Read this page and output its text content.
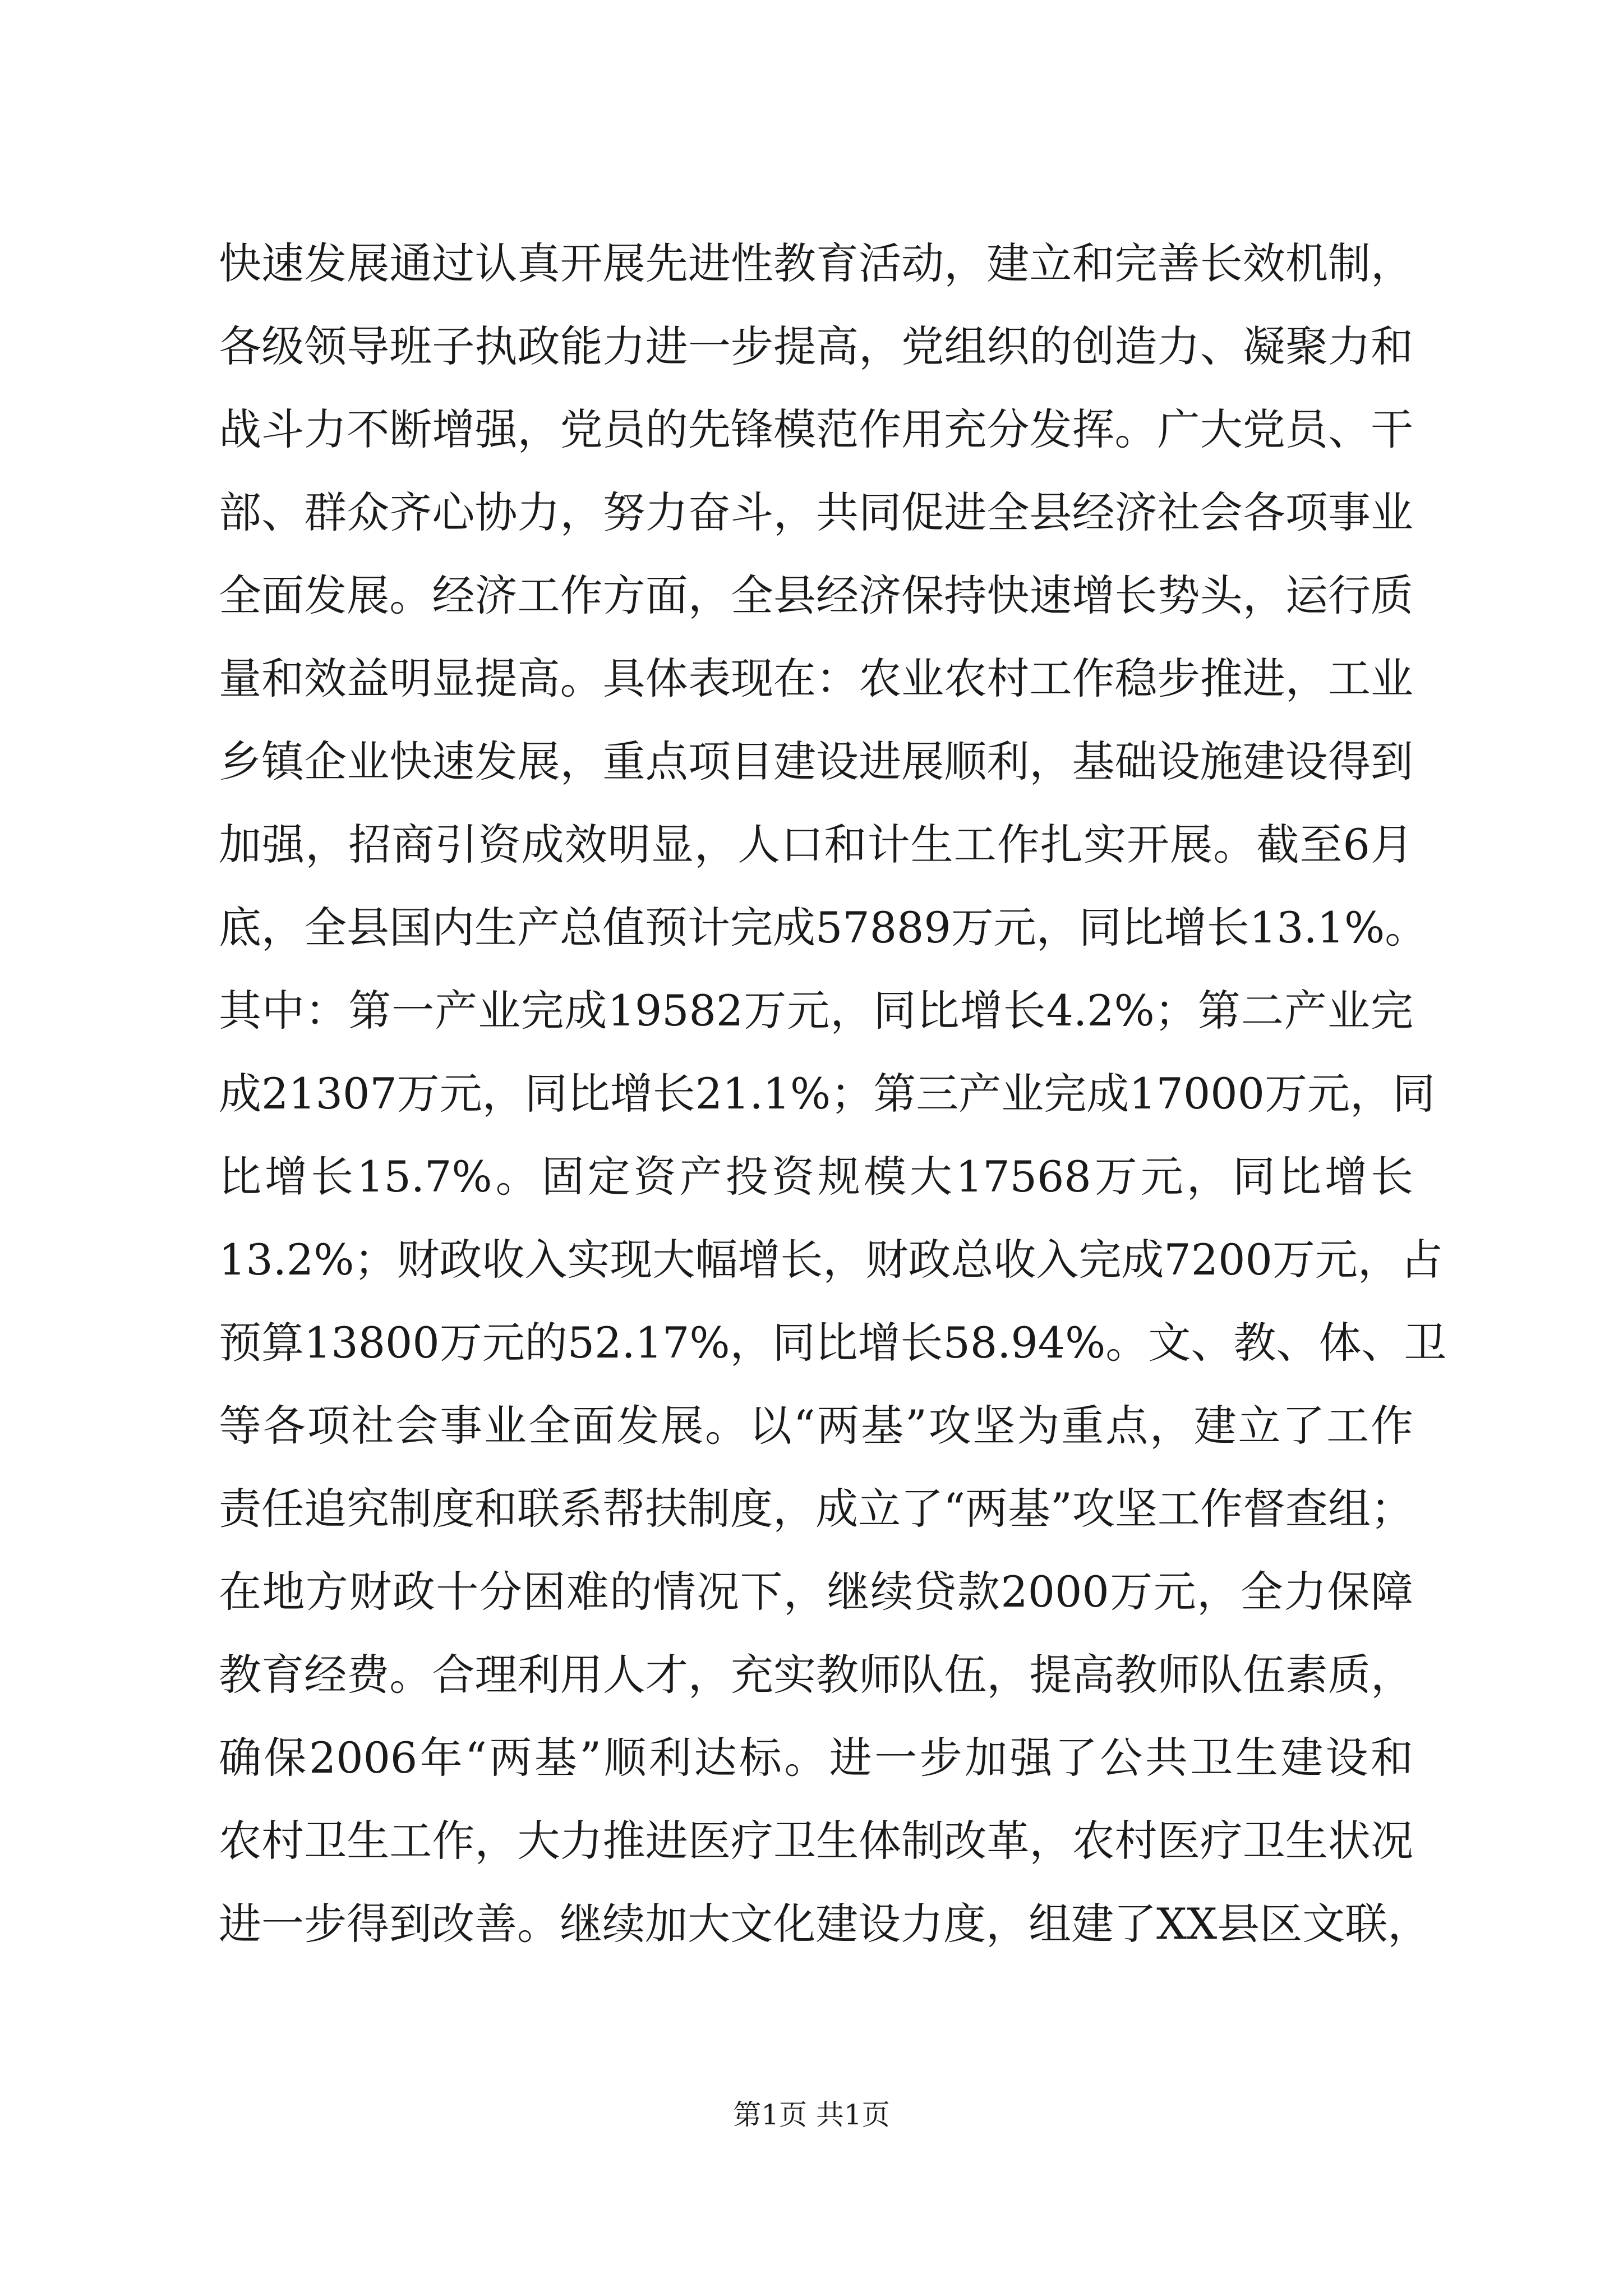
快速发展通过认真开展先进性教育活动，建立和完善长效机制，
各级领导班子执政能力进一步提高，党组织的创造力、凝聚力和
战斗力不断增强，党员的先锋模范作用充分发挥。广大党员、干
部、群众齐心协力，努力奋斗，共同促进全县经济社会各项事业
全面发展。经济工作方面，全县经济保持快速增长势头，运行质
量和效益明显提高。具体表现在：农业农村工作稳步推进，工业
乡镇企业快速发展，重点项目建设进展顺利，基础设施建设得到
加强，招商引资成效明显，人口和计生工作扎实开展。截至6月
底，全县国内生产总值预计完成57889万元，同比增长13.1%。
其中：第一产业完成19582万元，同比增长4.2%；第二产业完
成21307万元，同比增长21.1%；第三产业完成17000万元，同
比增长15.7%。固定资产投资规模大17568万元，同比增长
13.2%；财政收入实现大幅增长，财政总收入完成7200万元，占
预算13800万元的52.17%，同比增长58.94%。文、教、体、卫
等各项社会事业全面发展。以“两基”攻坚为重点，建立了工作
责任追究制度和联系帮扶制度，成立了“两基”攻坚工作督查组；
在地方财政十分困难的情况下，继续贷款2000万元，全力保障
教育经费。合理利用人才，充实教师队伍，提高教师队伍素质，
确保2006年“两基”顺利达标。进一步加强了公共卫生建设和
农村卫生工作，大力推进医疗卫生体制改革，农村医疗卫生状况
进一步得到改善。继续加大文化建设力度，组建了XX县区文联，
第1页 共1页
